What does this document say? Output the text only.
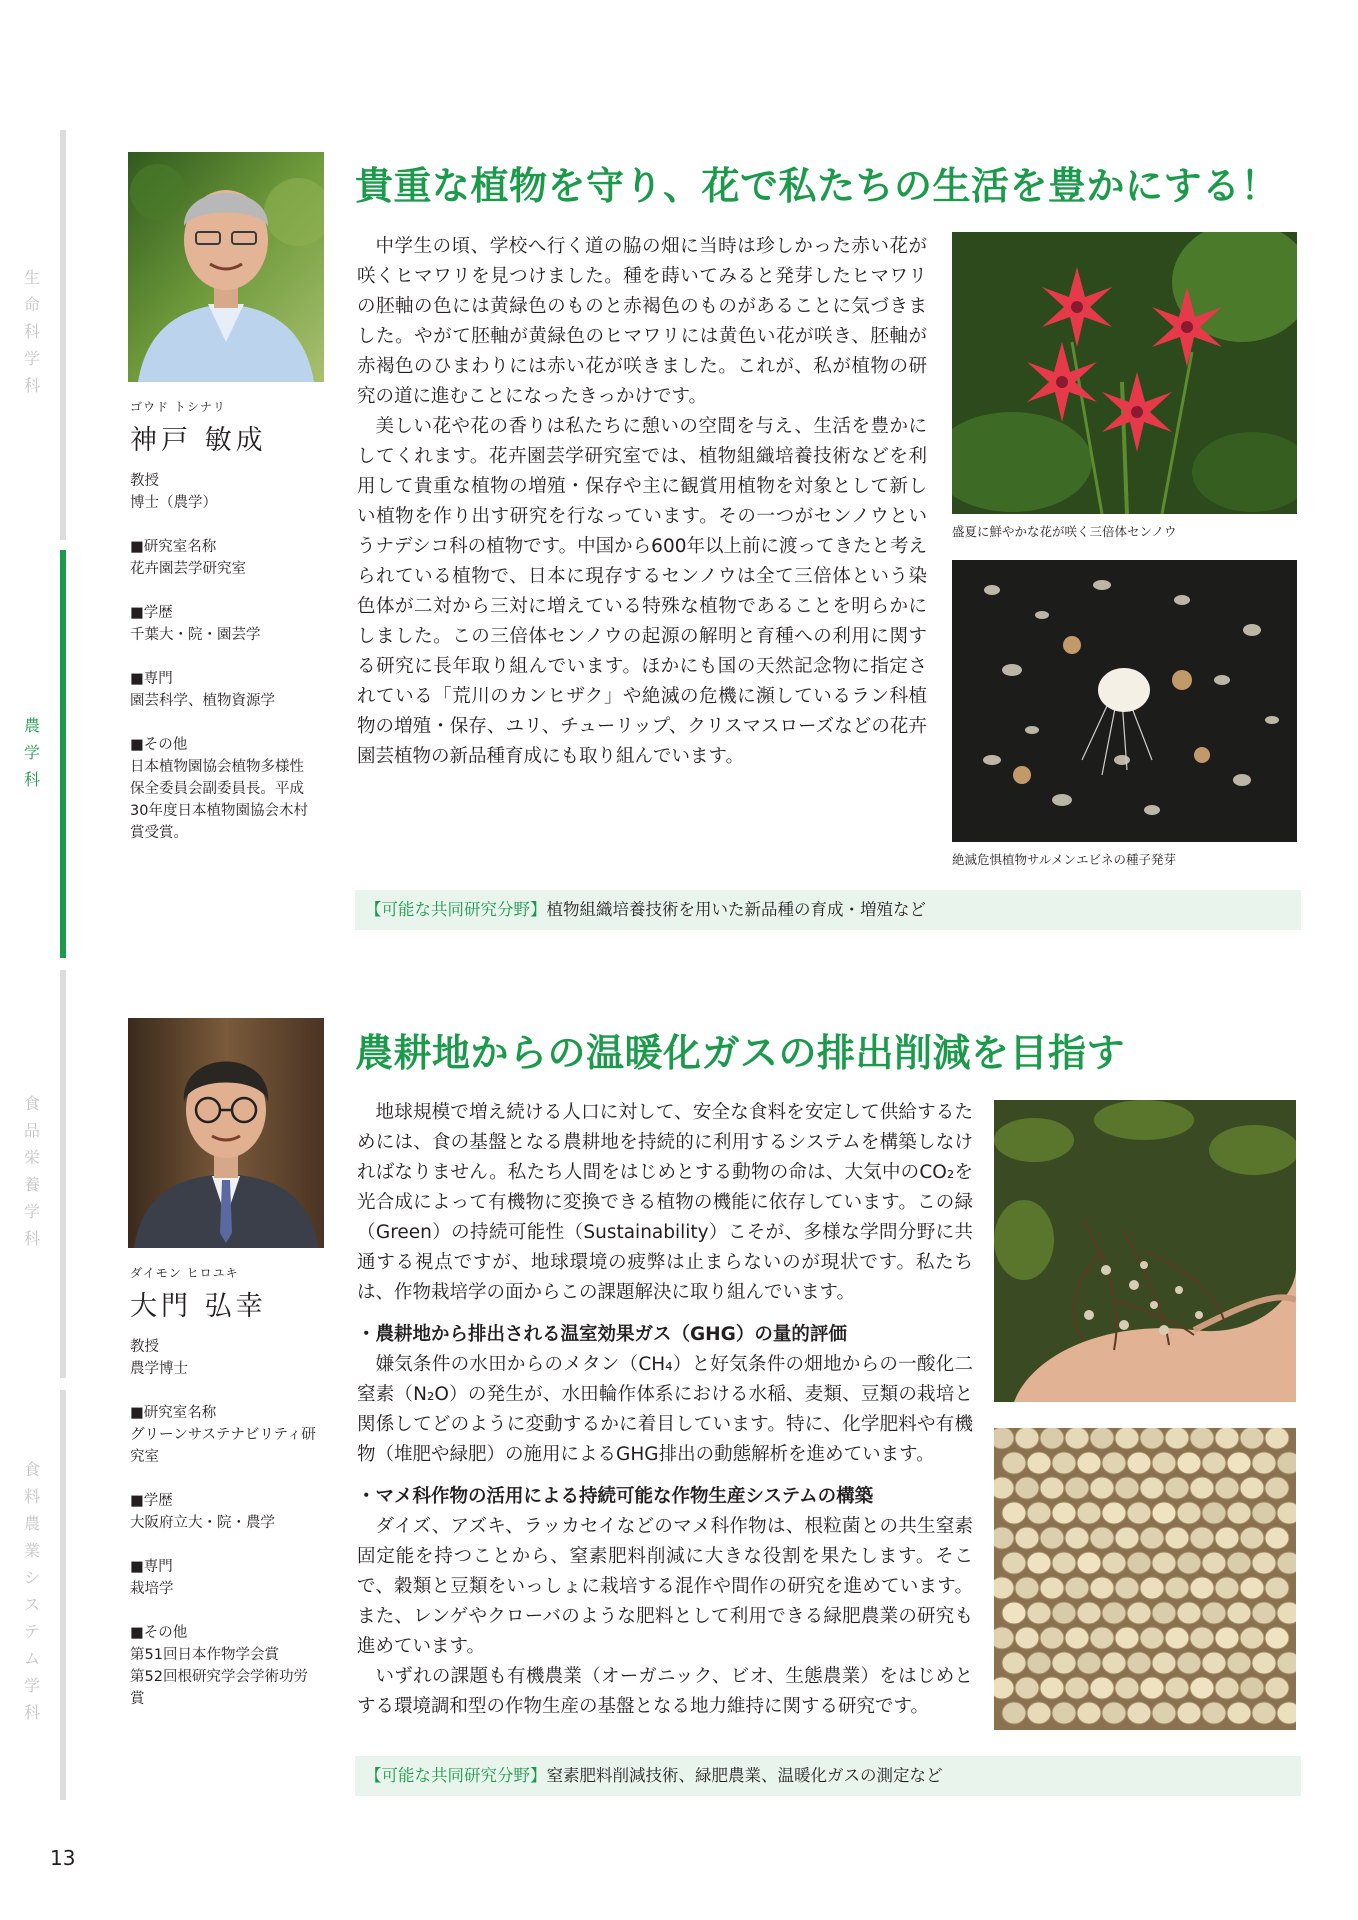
生命科学科
農学科
食品栄養学科
食料農業システム学科
ゴウド トシナリ
神戸 敏成
教授
博士（農学）
■研究室名称
花卉園芸学研究室
■学歴
千葉大・院・園芸学
■専門
園芸科学、植物資源学
■その他
日本植物園協会植物多様性
保全委員会副委員長。平成
30年度日本植物園協会木村
賞受賞。
貴重な植物を守り、花で私たちの生活を豊かにする！

中学生の頃、学校へ行く道の脇の畑に当時は珍しかった赤い花が咲くヒマワリを見つけました。種を蒔いてみると発芽したヒマワリの胚軸の色には黄緑色のものと赤褐色のものがあることに気づきました。やがて胚軸が黄緑色のヒマワリには黄色い花が咲き、胚軸が赤褐色のひまわりには赤い花が咲きました。これが、私が植物の研究の道に進むことになったきっかけです。

美しい花や花の香りは私たちに憩いの空間を与え、生活を豊かにしてくれます。花卉園芸学研究室では、植物組織培養技術などを利用して貴重な植物の増殖・保存や主に観賞用植物を対象として新しい植物を作り出す研究を行なっています。その一つがセンノウというナデシコ科の植物です。中国から600年以上前に渡ってきたと考えられている植物で、日本に現存するセンノウは全て三倍体という染色体が二対から三対に増えている特殊な植物であることを明らかにしました。この三倍体センノウの起源の解明と育種への利用に関する研究に長年取り組んでいます。ほかにも国の天然記念物に指定されている「荒川のカンヒザク」や絶滅の危機に瀕しているラン科植物の増殖・保存、ユリ、チューリップ、クリスマスローズなどの花卉園芸植物の新品種育成にも取り組んでいます。

盛夏に鮮やかな花が咲く三倍体センノウ
絶滅危惧植物サルメンエビネの種子発芽
【可能な共同研究分野】植物組織培養技術を用いた新品種の育成・増殖など
ダイモン ヒロユキ
大門 弘幸
教授
農学博士
■研究室名称
グリーンサステナビリティ研
究室
■学歴
大阪府立大・院・農学
■専門
栽培学
■その他
第51回日本作物学会賞
第52回根研究学会学術功労
賞
農耕地からの温暖化ガスの排出削減を目指す

地球規模で増え続ける人口に対して、安全な食料を安定して供給するためには、食の基盤となる農耕地を持続的に利用するシステムを構築しなければなりません。私たち人間をはじめとする動物の命は、大気中のCO₂を光合成によって有機物に変換できる植物の機能に依存しています。この緑（Green）の持続可能性（Sustainability）こそが、多様な学問分野に共通する視点ですが、地球環境の疲弊は止まらないのが現状です。私たちは、作物栽培学の面からこの課題解決に取り組んでいます。

・農耕地から排出される温室効果ガス（GHG）の量的評価

嫌気条件の水田からのメタン（CH₄）と好気条件の畑地からの一酸化二窒素（N₂O）の発生が、水田輪作体系における水稲、麦類、豆類の栽培と関係してどのように変動するかに着目しています。特に、化学肥料や有機物（堆肥や緑肥）の施用によるGHG排出の動態解析を進めています。

・マメ科作物の活用による持続可能な作物生産システムの構築

ダイズ、アズキ、ラッカセイなどのマメ科作物は、根粒菌との共生窒素固定能を持つことから、窒素肥料削減に大きな役割を果たします。そこで、穀類と豆類をいっしょに栽培する混作や間作の研究を進めています。また、レンゲやクローバのような肥料として利用できる緑肥農業の研究も進めています。

いずれの課題も有機農業（オーガニック、ビオ、生態農業）をはじめとする環境調和型の作物生産の基盤となる地力維持に関する研究です。

【可能な共同研究分野】窒素肥料削減技術、緑肥農業、温暖化ガスの測定など
13
